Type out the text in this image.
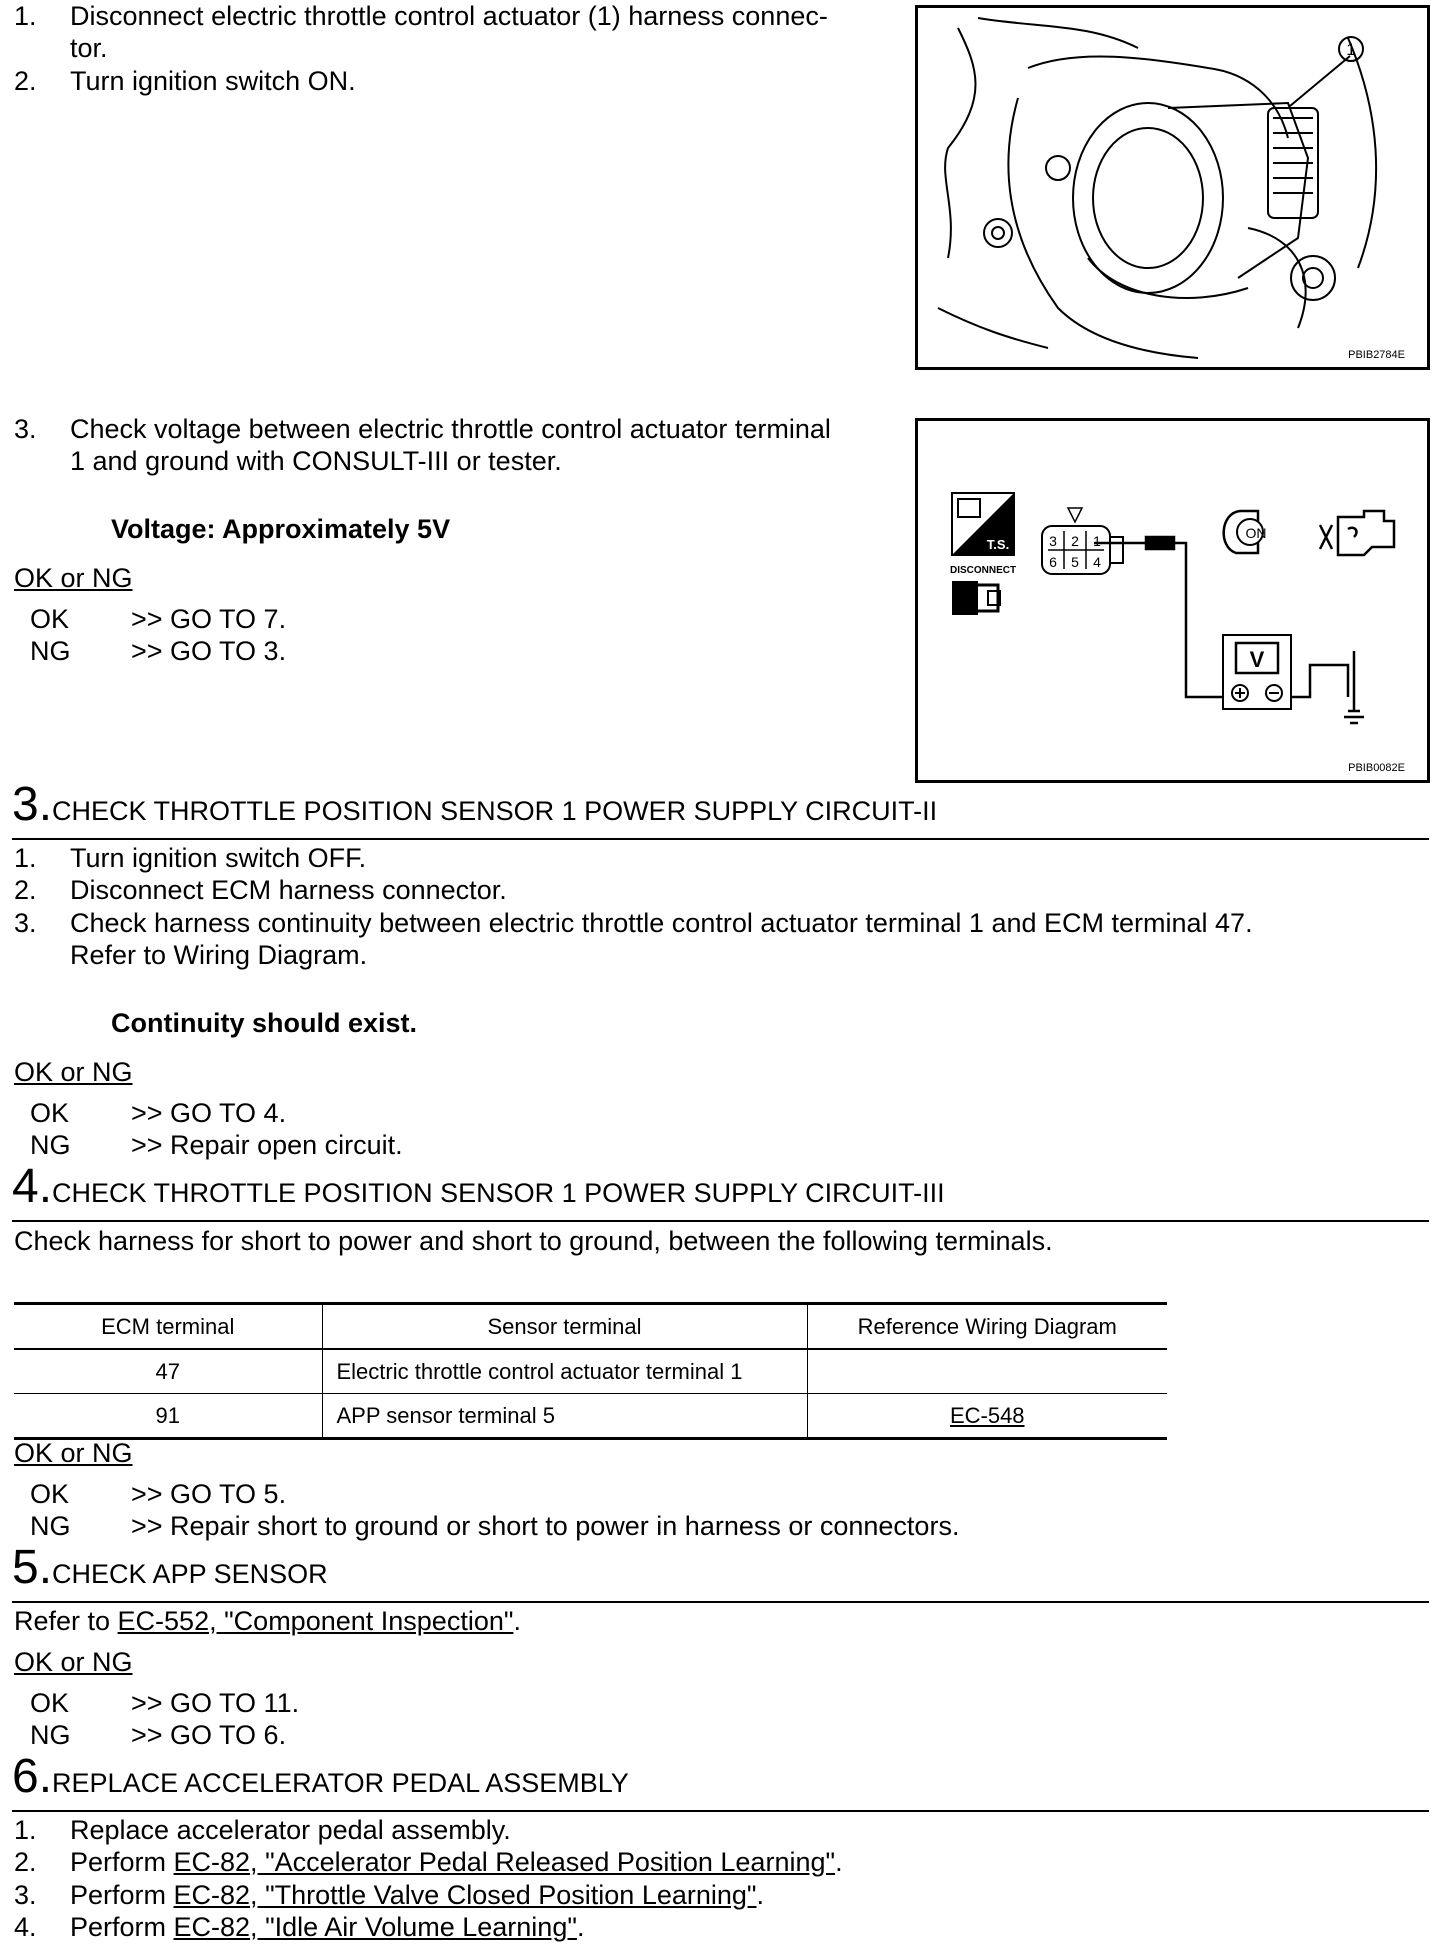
1. Disconnect electric throttle control actuator (1) harness connec-
tor.
2. Turn ignition switch ON.
1
PBIB2784E
3. Check voltage between electric throttle control actuator terminal
1 and ground with CONSULT-III or tester.
Voltage: Approximately 5V
OK or NG
OK >> GO TO 7.
NG >> GO TO 3.
T.S.
DISCONNECT
3 2 1
6 5 4
V
ON
PBIB0082E
3.CHECK THROTTLE POSITION SENSOR 1 POWER SUPPLY CIRCUIT-II
1. Turn ignition switch OFF.
2. Disconnect ECM harness connector.
3. Check harness continuity between electric throttle control actuator terminal 1 and ECM terminal 47.
Refer to Wiring Diagram.
Continuity should exist.
OK or NG
OK >> GO TO 4.
NG >> Repair open circuit.
4.CHECK THROTTLE POSITION SENSOR 1 POWER SUPPLY CIRCUIT-III
Check harness for short to power and short to ground, between the following terminals.
ECM terminal	Sensor terminal	Reference Wiring Diagram
47	Electric throttle control actuator terminal 1	
91	APP sensor terminal 5	EC-548
OK or NG
OK >> GO TO 5.
NG >> Repair short to ground or short to power in harness or connectors.
5.CHECK APP SENSOR
Refer to EC-552, "Component Inspection".
OK or NG
OK >> GO TO 11.
NG >> GO TO 6.
6.REPLACE ACCELERATOR PEDAL ASSEMBLY
1. Replace accelerator pedal assembly.
2. Perform EC-82, "Accelerator Pedal Released Position Learning".
3. Perform EC-82, "Throttle Valve Closed Position Learning".
4. Perform EC-82, "Idle Air Volume Learning".
